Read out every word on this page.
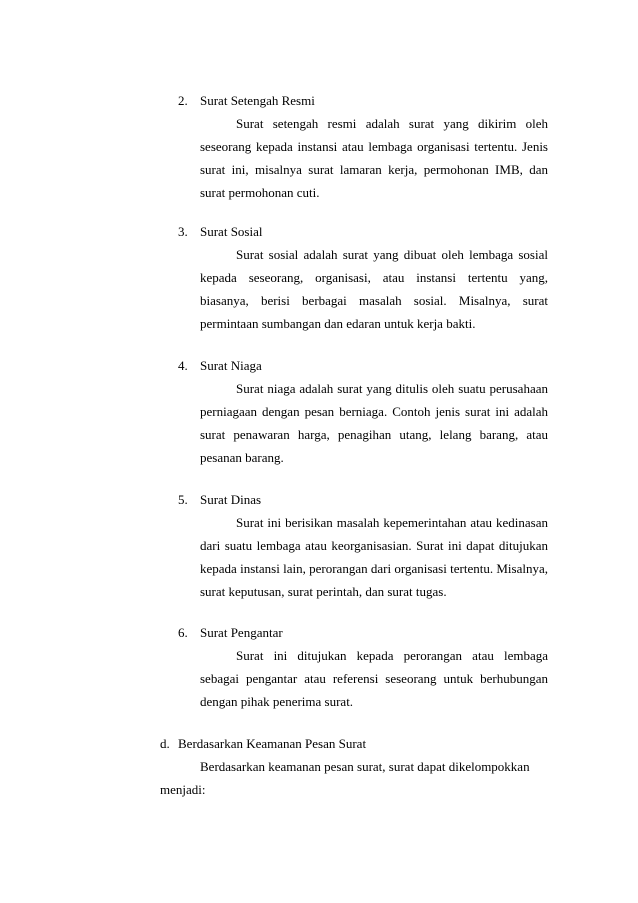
2. Surat Setengah Resmi
Surat setengah resmi adalah surat yang dikirim oleh seseorang kepada instansi atau lembaga organisasi tertentu. Jenis surat ini, misalnya surat lamaran kerja, permohonan IMB, dan surat permohonan cuti.
3. Surat Sosial
Surat sosial adalah surat yang dibuat oleh lembaga sosial kepada seseorang, organisasi, atau instansi tertentu yang, biasanya, berisi berbagai masalah sosial. Misalnya, surat permintaan sumbangan dan edaran untuk kerja bakti.
4. Surat Niaga
Surat niaga adalah surat yang ditulis oleh suatu perusahaan perniagaan dengan pesan berniaga. Contoh jenis surat ini adalah surat penawaran harga, penagihan utang, lelang barang, atau pesanan barang.
5. Surat Dinas
Surat ini berisikan masalah kepemerintahan atau kedinasan dari suatu lembaga atau keorganisasian. Surat ini dapat ditujukan kepada instansi lain, perorangan dari organisasi tertentu. Misalnya, surat keputusan, surat perintah, dan surat tugas.
6. Surat Pengantar
Surat ini ditujukan kepada perorangan atau lembaga sebagai pengantar atau referensi seseorang untuk berhubungan dengan pihak penerima surat.
d. Berdasarkan Keamanan Pesan Surat
Berdasarkan keamanan pesan surat, surat dapat dikelompokkan
menjadi:
